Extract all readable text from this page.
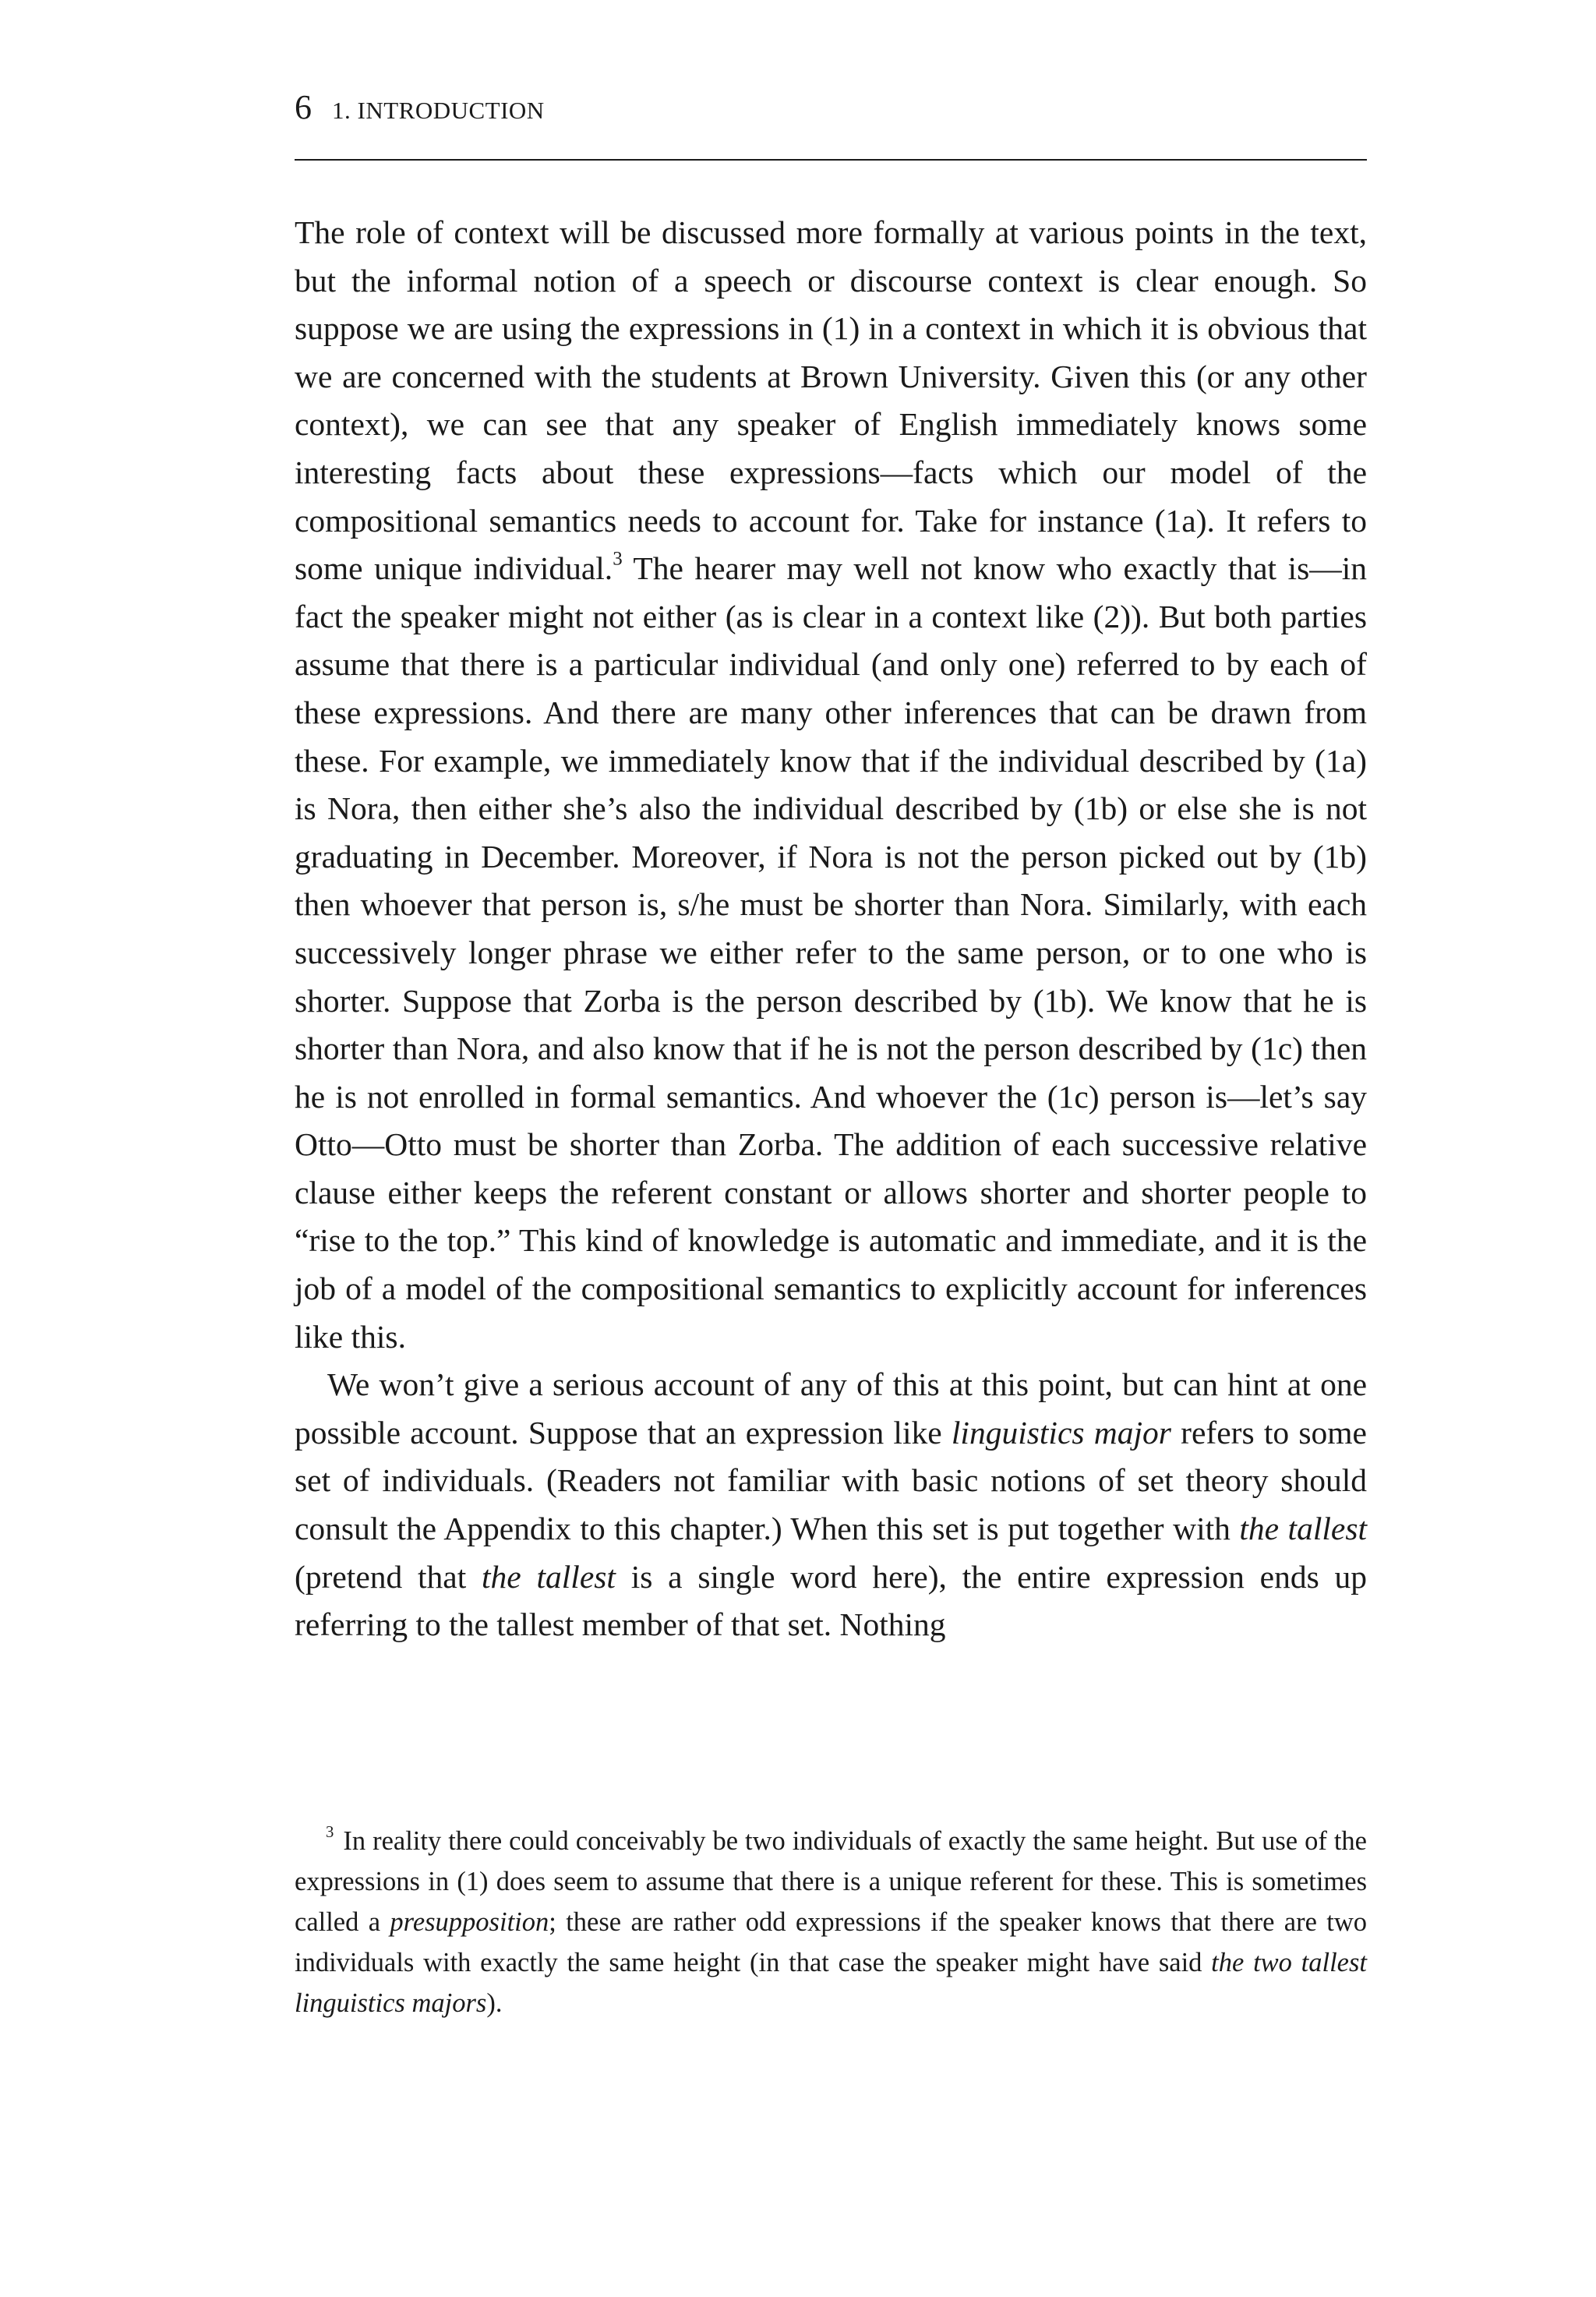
6 1. INTRODUCTION

The role of context will be discussed more formally at various points in the text, but the informal notion of a speech or discourse context is clear enough. So suppose we are using the expressions in (1) in a context in which it is obvious that we are concerned with the students at Brown University. Given this (or any other context), we can see that any speaker of English immediately knows some interesting facts about these expressions—facts which our model of the compositional semantics needs to account for. Take for instance (1a). It refers to some unique individual.$^3$ The hearer may well not know who exactly that is—in fact the speaker might not either (as is clear in a context like (2)). But both parties assume that there is a particular individual (and only one) referred to by each of these expressions. And there are many other inferences that can be drawn from these. For example, we immediately know that if the individual described by (1a) is Nora, then either she’s also the individual described by (1b) or else she is not graduating in December. Moreover, if Nora is not the person picked out by (1b) then whoever that person is, s/he must be shorter than Nora. Similarly, with each successively longer phrase we either refer to the same person, or to one who is shorter. Suppose that Zorba is the person described by (1b). We know that he is shorter than Nora, and also know that if he is not the person described by (1c) then he is not enrolled in formal semantics. And whoever the (1c) person is—let’s say Otto—Otto must be shorter than Zorba. The addition of each successive relative clause either keeps the referent constant or allows shorter and shorter people to “rise to the top.” This kind of knowledge is automatic and immediate, and it is the job of a model of the compositional semantics to explicitly account for inferences like this.

We won’t give a serious account of any of this at this point, but can hint at one possible account. Suppose that an expression like linguistics major refers to some set of individuals. (Readers not familiar with basic notions of set theory should consult the Appendix to this chapter.) When this set is put together with the tallest (pretend that the tallest is a single word here), the entire expression ends up referring to the tallest member of that set. Nothing

$^3$ In reality there could conceivably be two individuals of exactly the same height. But use of the expressions in (1) does seem to assume that there is a unique referent for these. This is sometimes called a presupposition; these are rather odd expressions if the speaker knows that there are two individuals with exactly the same height (in that case the speaker might have said the two tallest linguistics majors).
